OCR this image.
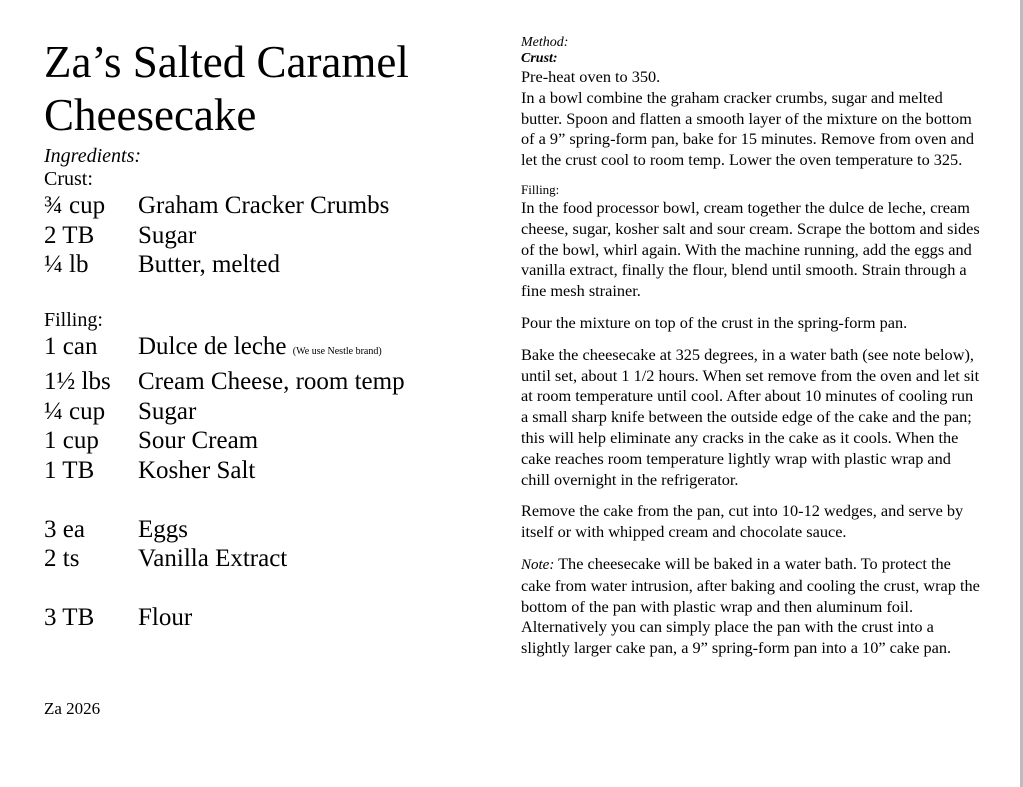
Za’s Salted Caramel
Cheesecake
Ingredients:
Crust:
¾ cup	Graham Cracker Crumbs
2 TB	Sugar
¼ lb	Butter, melted
Filling:
1 can	Dulce de leche (We use Nestle brand)
1½ lbs	Cream Cheese, room temp
¼ cup	Sugar
1 cup	Sour Cream
1 TB	Kosher Salt
3 ea	Eggs
2 ts	Vanilla Extract
3 TB	Flour
Za 2026
Method:
Crust:
Pre-heat oven to 350.

In a bowl combine the graham cracker crumbs, sugar and melted butter. Spoon and flatten a smooth layer of the mixture on the bottom of a 9” spring-form pan, bake for 15 minutes. Remove from oven and let the crust cool to room temp. Lower the oven temperature to 325.

Filling:

In the food processor bowl, cream together the dulce de leche, cream cheese, sugar, kosher salt and sour cream. Scrape the bottom and sides of the bowl, whirl again. With the machine running, add the eggs and vanilla extract, finally the flour, blend until smooth. Strain through a fine mesh strainer.

Pour the mixture on top of the crust in the spring-form pan.

Bake the cheesecake at 325 degrees, in a water bath (see note below), until set, about 1 1/2 hours. When set remove from the oven and let sit at room temperature until cool. After about 10 minutes of cooling run a small sharp knife between the outside edge of the cake and the pan; this will help eliminate any cracks in the cake as it cools. When the cake reaches room temperature lightly wrap with plastic wrap and chill overnight in the refrigerator.

Remove the cake from the pan, cut into 10-12 wedges, and serve by itself or with whipped cream and chocolate sauce.

Note: The cheesecake will be baked in a water bath. To protect the cake from water intrusion, after baking and cooling the crust, wrap the bottom of the pan with plastic wrap and then aluminum foil. Alternatively you can simply place the pan with the crust into a slightly larger cake pan, a 9” spring-form pan into a 10” cake pan.
